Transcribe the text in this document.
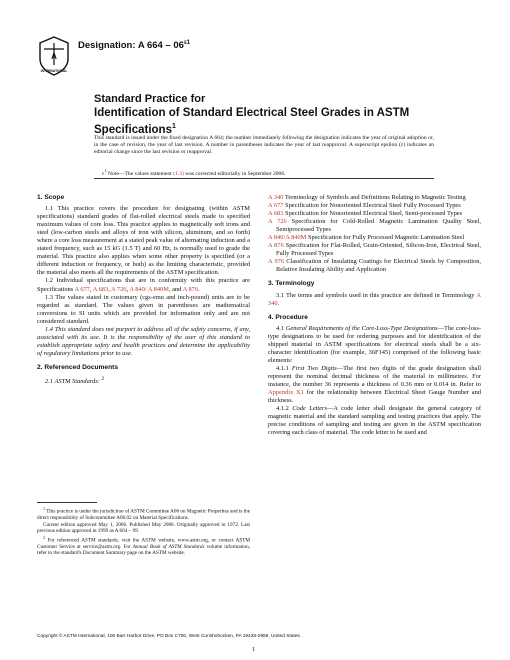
A
INTERNATIONAL
Designation: A $664 - 06^{\varepsilon 1}$
Standard Practice for
Identification of Standard Electrical Steel Grades in ASTM
Specifications$^1$
This standard is issued under the fixed designation A 664; the number immediately following the designation indicates the year of original adoption or, in the case of revision, the year of last revision. A number in parentheses indicates the year of last reapproval. A superscript epsilon (ε) indicates an editorial change since the last revision or reapproval.
$\varepsilon^1$ Note—The values statement (1.3) was corrected editorially in September 2006.
1. Scope

1.1 This practice covers the procedure for designating (within ASTM specifications) standard grades of flat-rolled electrical steels made to specified maximum values of core loss. This practice applies to magnetically soft irons and steel (low-carbon steels and alloys of iron with silicon, aluminum, and so forth) where a core loss measurement at a stated peak value of alternating induction and a stated frequency, such as 15 kG (1.5 T) and 60 Hz, is normally used to grade the material. This practice also applies when some other property is specified (or a different induction or frequency, or both) as the limiting characteristic, provided the material also meets all the requirements of the ASTM specification.

1.2 Individual specifications that are in conformity with this practice are Specifications A 677, A 683, A 726, A 840/ A 840M, and A 876.

1.3 The values stated in customary (cgs-emu and inch-pound) units are to be regarded as standard. The values given in parentheses are mathematical conversions to SI units which are provided for information only and are not considered standard.

1.4 This standard does not purport to address all of the safety concerns, if any, associated with its use. It is the responsibility of the user of this standard to establish appropriate safety and health practices and determine the applicability of regulatory limitations prior to use.

2. Referenced Documents

2.1 ASTM Standards: $^2$

$^1$ This practice is under the jurisdiction of ASTM Committee A06 on Magnetic Properties and is the direct responsibility of Subcommittee A06.02 on Material Specifications.

Current edition approved May 1, 2006. Published May 2006. Originally approved in 1972. Last previous edition approved in 1999 as A 664 – 99.

$^2$ For referenced ASTM standards, visit the ASTM website, www.astm.org, or contact ASTM Customer Service at service@astm.org. For Annual Book of ASTM Standards volume information, refer to the standard's Document Summary page on the ASTM website.

A 340 Terminology of Symbols and Definitions Relating to Magnetic Testing

A 677 Specification for Nonoriented Electrical Steel Fully Processed Types

A 683 Specification for Nonoriented Electrical Steel, Semi-processed Types

A 726 Specification for Cold-Rolled Magnetic Lamination Quality Steel, Semiprocessed Types

A 840/A 840M Specification for Fully Processed Magnetic Lamination Steel

A 876 Specification for Flat-Rolled, Grain-Oriented, Silicon-Iron, Electrical Steel, Fully Processed Types

A 976 Classification of Insulating Coatings for Electrical Steels by Composition, Relative Insulating Ability and Application

3. Terminology

3.1 The terms and symbols used in this practice are defined in Terminology A 340.

4. Procedure

4.1 General Requirements of the Core-Loss-Type Designations—The core-loss-type designations to be used for ordering purposes and for identification of the shipped material in ASTM specifications for electrical steels shall be a six-character identification (for example, 36F145) comprised of the following basic elements:

4.1.1 First Two Digits—The first two digits of the grade designation shall represent the nominal decimal thickness of the material in millimetres. For instance, the number 36 represents a thickness of 0.36 mm or 0.014 in. Refer to Appendix X1 for the relationship between Electrical Sheet Gauge Number and thickness.

4.1.2 Code Letters—A code letter shall designate the general category of magnetic material and the standard sampling and testing practices that apply. The precise conditions of sampling and testing are given in the ASTM specification covering each class of material. The code letter to be used and

Copyright © ASTM International, 100 Barr Harbor Drive, PO Box C700, West Conshohocken, PA 19428-2959, United States.
1
